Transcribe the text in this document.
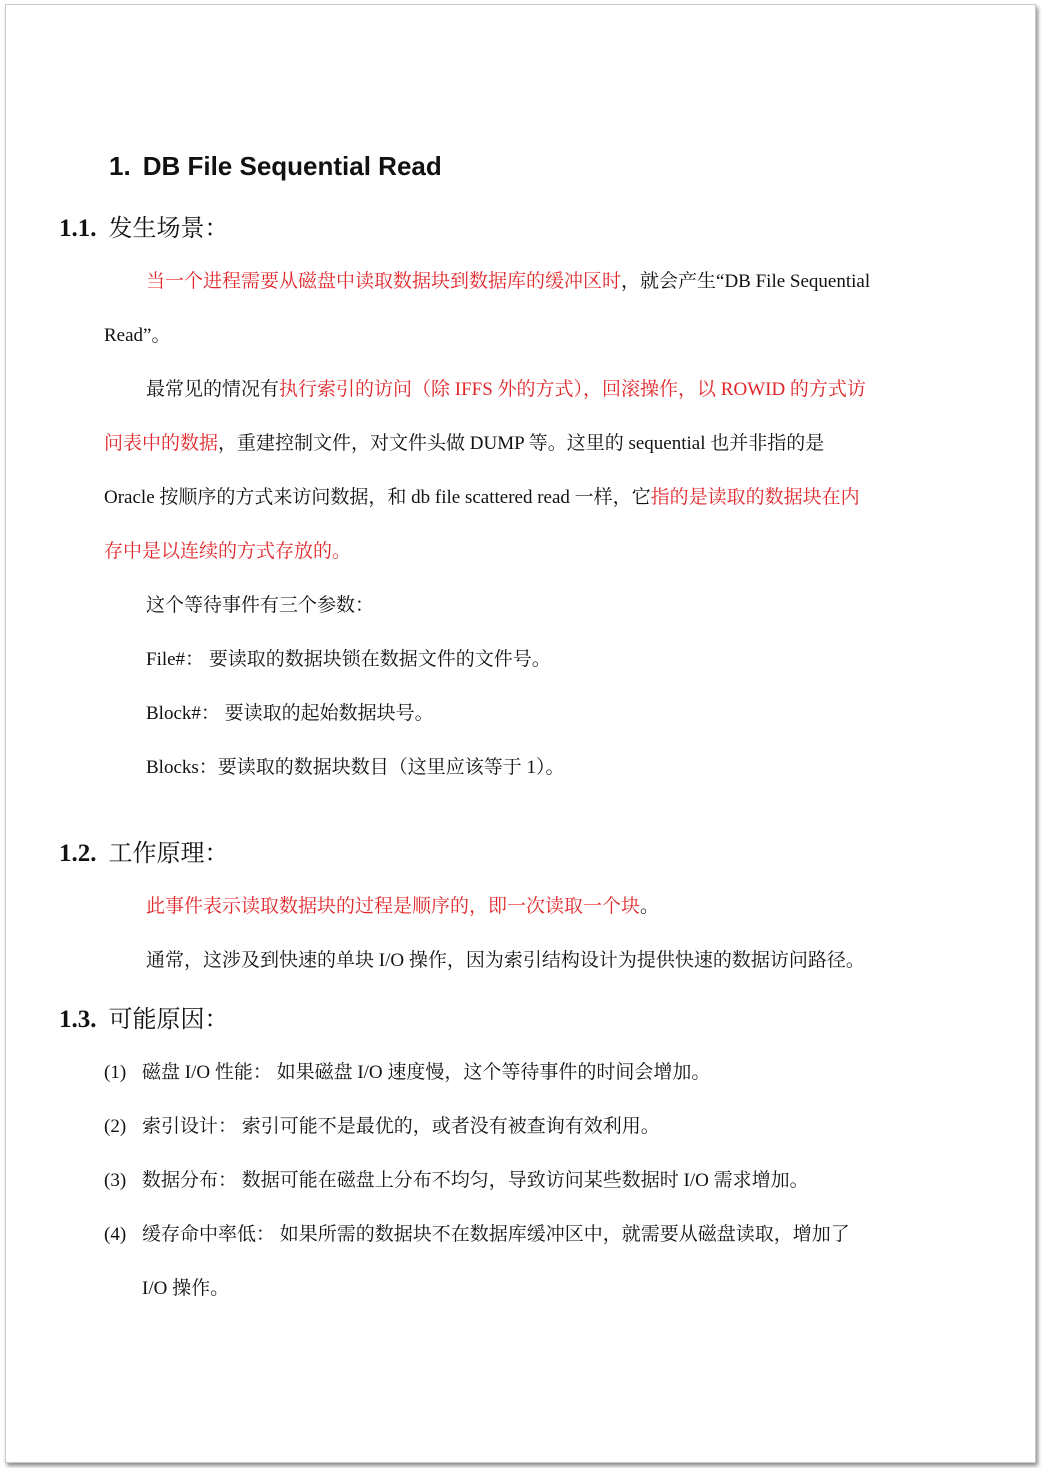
1. DB File Sequential Read
1.1. 发生场景：
当一个进程需要从磁盘中读取数据块到数据库的缓冲区时，就会产生“DB File Sequential
Read”。
最常见的情况有执行索引的访问（除 IFFS 外的方式），回滚操作，以 ROWID 的方式访
问表中的数据，重建控制文件，对文件头做 DUMP 等。这里的 sequential 也并非指的是
Oracle 按顺序的方式来访问数据，和 db file scattered read 一样，它指的是读取的数据块在内
存中是以连续的方式存放的。
这个等待事件有三个参数：
File#： 要读取的数据块锁在数据文件的文件号。
Block#： 要读取的起始数据块号。
Blocks：要读取的数据块数目（这里应该等于 1）。
1.2. 工作原理：
此事件表示读取数据块的过程是顺序的，即一次读取一个块。
通常，这涉及到快速的单块 I/O 操作，因为索引结构设计为提供快速的数据访问路径。
1.3. 可能原因：
(1) 磁盘 I/O 性能： 如果磁盘 I/O 速度慢，这个等待事件的时间会增加。
(2) 索引设计： 索引可能不是最优的，或者没有被查询有效利用。
(3) 数据分布： 数据可能在磁盘上分布不均匀，导致访问某些数据时 I/O 需求增加。
(4) 缓存命中率低： 如果所需的数据块不在数据库缓冲区中，就需要从磁盘读取，增加了
I/O 操作。
